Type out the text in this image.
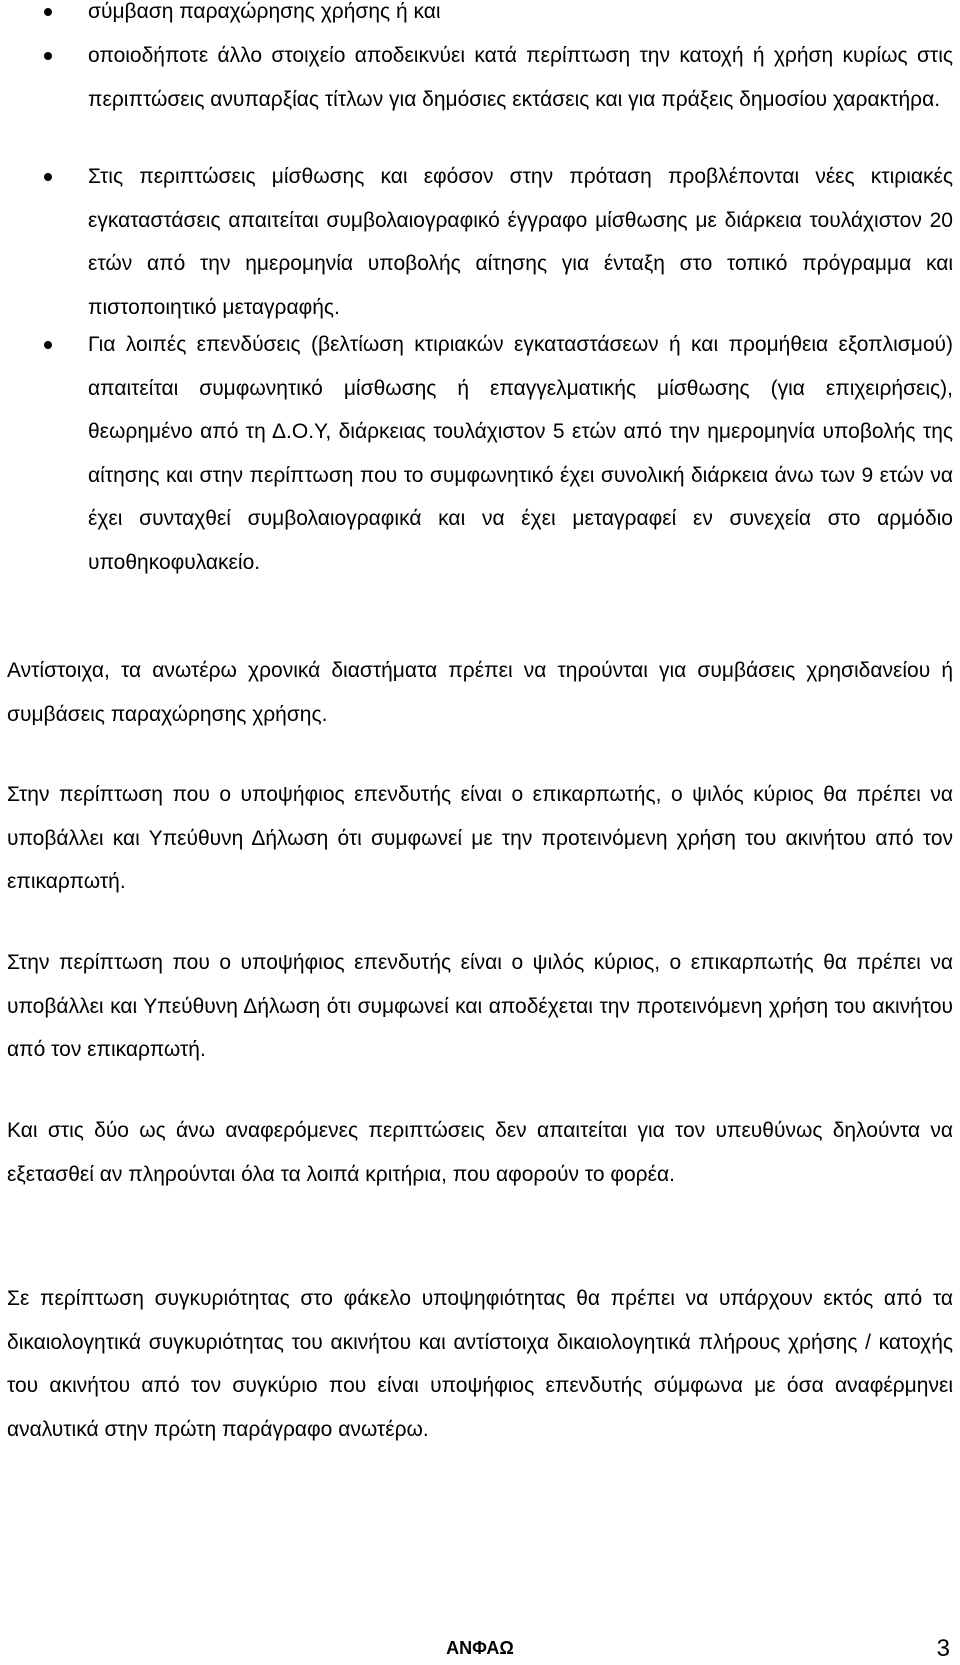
σύμβαση παραχώρησης χρήσης ή και
οποιοδήποτε άλλο στοιχείο αποδεικνύει κατά περίπτωση την κατοχή ή χρήση κυρίως στις περιπτώσεις ανυπαρξίας τίτλων για δημόσιες εκτάσεις και για πράξεις δημοσίου χαρακτήρα.
Στις περιπτώσεις μίσθωσης και εφόσον στην πρόταση προβλέπονται νέες κτιριακές εγκαταστάσεις απαιτείται συμβολαιογραφικό έγγραφο μίσθωσης με διάρκεια τουλάχιστον 20 ετών από την ημερομηνία υποβολής αίτησης για ένταξη στο τοπικό πρόγραμμα και πιστοποιητικό μεταγραφής.
Για λοιπές επενδύσεις (βελτίωση κτιριακών εγκαταστάσεων ή και προμήθεια εξοπλισμού) απαιτείται συμφωνητικό μίσθωσης ή επαγγελματικής μίσθωσης (για επιχειρήσεις), θεωρημένο από τη Δ.Ο.Υ, διάρκειας τουλάχιστον 5 ετών από την ημερομηνία υποβολής της αίτησης και στην περίπτωση που το συμφωνητικό έχει συνολική διάρκεια άνω των 9 ετών να έχει συνταχθεί συμβολαιογραφικά και να έχει μεταγραφεί εν συνεχεία στο αρμόδιο υποθηκοφυλακείο.

Αντίστοιχα, τα ανωτέρω χρονικά διαστήματα πρέπει να τηρούνται για συμβάσεις χρησιδανείου ή συμβάσεις παραχώρησης χρήσης.

Στην περίπτωση που ο υποψήφιος επενδυτής είναι ο επικαρπωτής, ο ψιλός κύριος θα πρέπει να υποβάλλει και Υπεύθυνη Δήλωση ότι συμφωνεί με την προτεινόμενη χρήση του ακινήτου από τον επικαρπωτή.

Στην περίπτωση που ο υποψήφιος επενδυτής είναι ο ψιλός κύριος, ο επικαρπωτής θα πρέπει να υποβάλλει και Υπεύθυνη Δήλωση ότι συμφωνεί και αποδέχεται την προτεινόμενη χρήση του ακινήτου από τον επικαρπωτή.

Και στις δύο ως άνω αναφερόμενες περιπτώσεις δεν απαιτείται για τον υπευθύνως δηλούντα να εξετασθεί αν πληρούνται όλα τα λοιπά κριτήρια, που αφορούν το φορέα.

Σε περίπτωση συγκυριότητας στο φάκελο υποψηφιότητας θα πρέπει να υπάρχουν εκτός από τα δικαιολογητικά συγκυριότητας του ακινήτου και αντίστοιχα δικαιολογητικά πλήρους χρήσης / κατοχής του ακινήτου από τον συγκύριο που είναι υποψήφιος επενδυτής σύμφωνα με όσα αναφέρμηνει αναλυτικά στην πρώτη παράγραφο ανωτέρω.

ΑΝΦΑΩ	3
